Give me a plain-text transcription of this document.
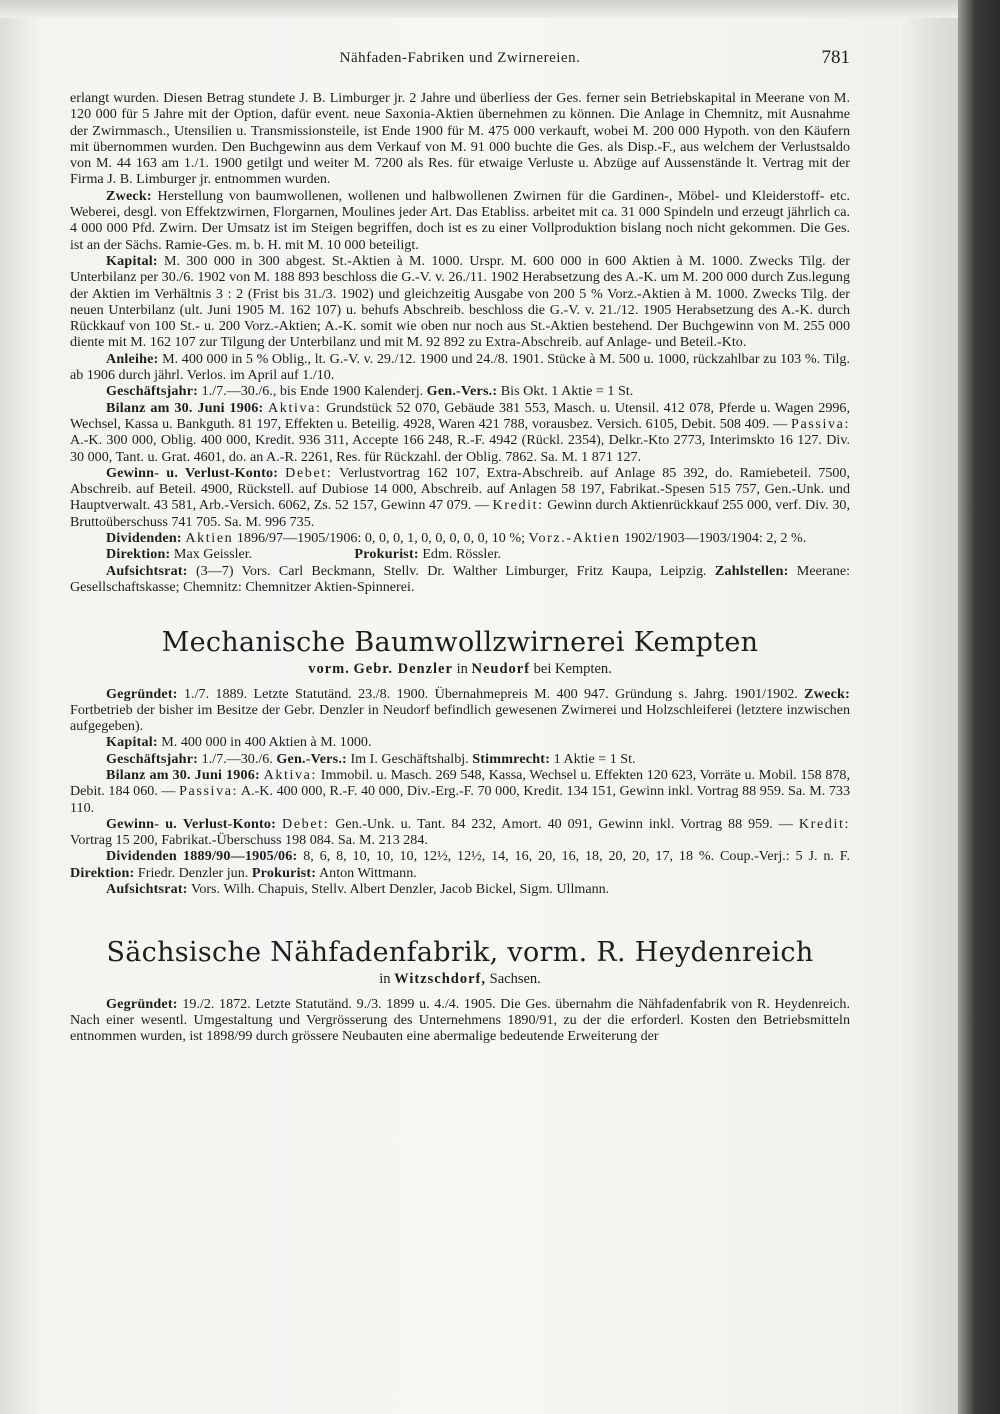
Nähfaden-Fabriken und Zwirnereien.	781

erlangt wurden. Diesen Betrag stundete J. B. Limburger jr. 2 Jahre und überliess der Ges. ferner sein Betriebskapital in Meerane von M. 120 000 für 5 Jahre mit der Option, dafür event. neue Saxonia-Aktien übernehmen zu können. Die Anlage in Chemnitz, mit Ausnahme der Zwirnmasch., Utensilien u. Transmissionsteile, ist Ende 1900 für M. 475 000 verkauft, wobei M. 200 000 Hypoth. von den Käufern mit übernommen wurden. Den Buchgewinn aus dem Verkauf von M. 91 000 buchte die Ges. als Disp.-F., aus welchem der Verlustsaldo von M. 44 163 am 1./1. 1900 getilgt und weiter M. 7200 als Res. für etwaige Verluste u. Abzüge auf Aussenstände lt. Vertrag mit der Firma J. B. Limburger jr. entnommen wurden.

Zweck: Herstellung von baumwollenen, wollenen und halbwollenen Zwirnen für die Gardinen-, Möbel- und Kleiderstoff- etc. Weberei, desgl. von Effektzwirnen, Florgarnen, Moulines jeder Art. Das Etabliss. arbeitet mit ca. 31 000 Spindeln und erzeugt jährlich ca. 4 000 000 Pfd. Zwirn. Der Umsatz ist im Steigen begriffen, doch ist es zu einer Vollproduktion bislang noch nicht gekommen. Die Ges. ist an der Sächs. Ramie-Ges. m. b. H. mit M. 10 000 beteiligt.

Kapital: M. 300 000 in 300 abgest. St.-Aktien à M. 1000. Urspr. M. 600 000 in 600 Aktien à M. 1000. Zwecks Tilg. der Unterbilanz per 30./6. 1902 von M. 188 893 beschloss die G.-V. v. 26./11. 1902 Herabsetzung des A.-K. um M. 200 000 durch Zus.legung der Aktien im Verhältnis 3 : 2 (Frist bis 31./3. 1902) und gleichzeitig Ausgabe von 200 5 % Vorz.-Aktien à M. 1000. Zwecks Tilg. der neuen Unterbilanz (ult. Juni 1905 M. 162 107) u. behufs Abschreib. beschloss die G.-V. v. 21./12. 1905 Herabsetzung des A.-K. durch Rückkauf von 100 St.- u. 200 Vorz.-Aktien; A.-K. somit wie oben nur noch aus St.-Aktien bestehend. Der Buchgewinn von M. 255 000 diente mit M. 162 107 zur Tilgung der Unterbilanz und mit M. 92 892 zu Extra-Abschreib. auf Anlage- und Beteil.-Kto.

Anleihe: M. 400 000 in 5 % Oblig., lt. G.-V. v. 29./12. 1900 und 24./8. 1901. Stücke à M. 500 u. 1000, rückzahlbar zu 103 %. Tilg. ab 1906 durch jährl. Verlos. im April auf 1./10.

Geschäftsjahr: 1./7.—30./6., bis Ende 1900 Kalenderj. Gen.-Vers.: Bis Okt. 1 Aktie = 1 St.

Bilanz am 30. Juni 1906: Aktiva: Grundstück 52 070, Gebäude 381 553, Masch. u. Utensil. 412 078, Pferde u. Wagen 2996, Wechsel, Kassa u. Bankguth. 81 197, Effekten u. Beteilig. 4928, Waren 421 788, vorausbez. Versich. 6105, Debit. 508 409. — Passiva: A.-K. 300 000, Oblig. 400 000, Kredit. 936 311, Accepte 166 248, R.-F. 4942 (Rückl. 2354), Delkr.-Kto 2773, Interimskto 16 127. Div. 30 000, Tant. u. Grat. 4601, do. an A.-R. 2261, Res. für Rückzahl. der Oblig. 7862. Sa. M. 1 871 127.

Gewinn- u. Verlust-Konto: Debet: Verlustvortrag 162 107, Extra-Abschreib. auf Anlage 85 392, do. Ramiebeteil. 7500, Abschreib. auf Beteil. 4900, Rückstell. auf Dubiose 14 000, Abschreib. auf Anlagen 58 197, Fabrikat.-Spesen 515 757, Gen.-Unk. und Hauptverwalt. 43 581, Arb.-Versich. 6062, Zs. 52 157, Gewinn 47 079. — Kredit: Gewinn durch Aktienrückkauf 255 000, verf. Div. 30, Bruttoüberschuss 741 705. Sa. M. 996 735.

Dividenden: Aktien 1896/97—1905/1906: 0, 0, 0, 1, 0, 0, 0, 0, 0, 10 %; Vorz.-Aktien 1902/1903—1903/1904: 2, 2 %.

Direktion: Max Geissler.       	Prokurist: Edm. Rössler.

Aufsichtsrat: (3—7) Vors. Carl Beckmann, Stellv. Dr. Walther Limburger, Fritz Kaupa, Leipzig. Zahlstellen: Meerane: Gesellschaftskasse; Chemnitz: Chemnitzer Aktien-Spinnerei.

Mechanische Baumwollzwirnerei Kempten
vorm. Gebr. Denzler in Neudorf bei Kempten.

Gegründet: 1./7. 1889. Letzte Statutänd. 23./8. 1900. Übernahmepreis M. 400 947. Gründung s. Jahrg. 1901/1902. Zweck: Fortbetrieb der bisher im Besitze der Gebr. Denzler in Neudorf befindlich gewesenen Zwirnerei und Holzschleiferei (letztere inzwischen aufgegeben).

Kapital: M. 400 000 in 400 Aktien à M. 1000.

Geschäftsjahr: 1./7.—30./6. Gen.-Vers.: Im I. Geschäftshalbj. Stimmrecht: 1 Aktie = 1 St.

Bilanz am 30. Juni 1906: Aktiva: Immobil. u. Masch. 269 548, Kassa, Wechsel u. Effekten 120 623, Vorräte u. Mobil. 158 878, Debit. 184 060. — Passiva: A.-K. 400 000, R.-F. 40 000, Div.-Erg.-F. 70 000, Kredit. 134 151, Gewinn inkl. Vortrag 88 959. Sa. M. 733 110.

Gewinn- u. Verlust-Konto: Debet: Gen.-Unk. u. Tant. 84 232, Amort. 40 091, Gewinn inkl. Vortrag 88 959. — Kredit: Vortrag 15 200, Fabrikat.-Überschuss 198 084. Sa. M. 213 284.

Dividenden 1889/90—1905/06: 8, 6, 8, 10, 10, 10, 12½, 12½, 14, 16, 20, 16, 18, 20, 20, 17, 18 %. Coup.-Verj.: 5 J. n. F. Direktion: Friedr. Denzler jun. Prokurist: Anton Wittmann.

Aufsichtsrat: Vors. Wilh. Chapuis, Stellv. Albert Denzler, Jacob Bickel, Sigm. Ullmann.

Sächsische Nähfadenfabrik, vorm. R. Heydenreich
in Witzschdorf, Sachsen.

Gegründet: 19./2. 1872. Letzte Statutänd. 9./3. 1899 u. 4./4. 1905. Die Ges. übernahm die Nähfadenfabrik von R. Heydenreich. Nach einer wesentl. Umgestaltung und Vergrösserung des Unternehmens 1890/91, zu der die erforderl. Kosten den Betriebsmitteln entnommen wurden, ist 1898/99 durch grössere Neubauten eine abermalige bedeutende Erweiterung der
